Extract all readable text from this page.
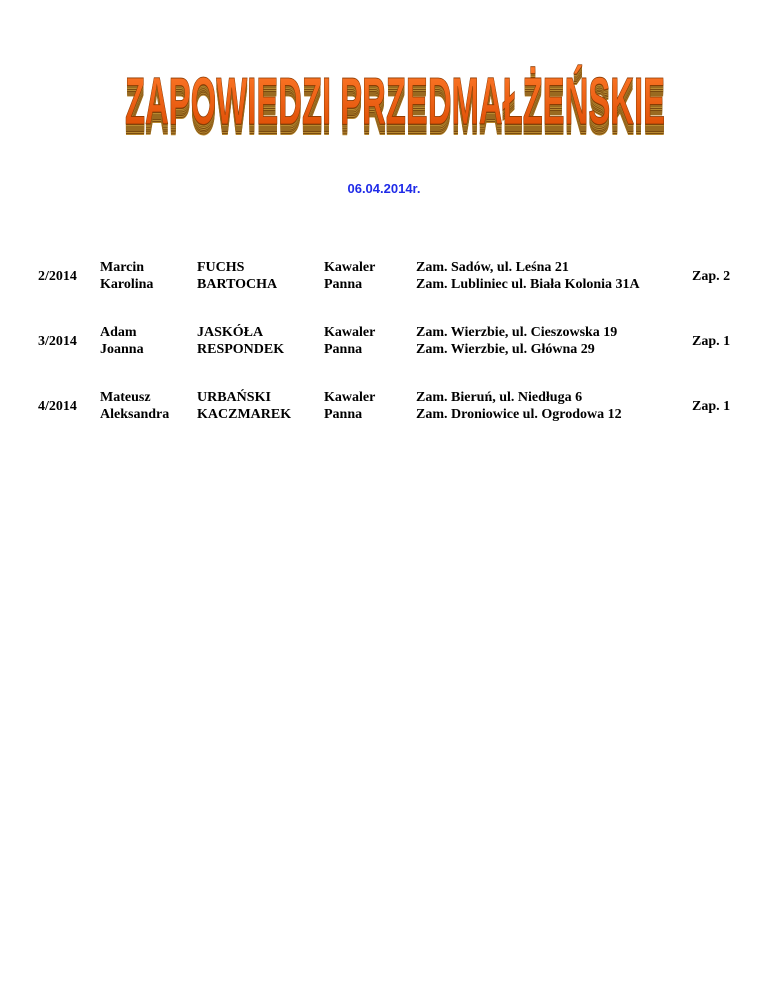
ZAPOWIEDZI PRZEDMAŁŻEŃSKIE
ZAPOWIEDZI PRZEDMAŁŻEŃSKIE
ZAPOWIEDZI PRZEDMAŁŻEŃSKIE
ZAPOWIEDZI PRZEDMAŁŻEŃSKIE
ZAPOWIEDZI PRZEDMAŁŻEŃSKIE
ZAPOWIEDZI PRZEDMAŁŻEŃSKIE
ZAPOWIEDZI PRZEDMAŁŻEŃSKIE
ZAPOWIEDZI PRZEDMAŁŻEŃSKIE
ZAPOWIEDZI PRZEDMAŁŻEŃSKIE
ZAPOWIEDZI PRZEDMAŁŻEŃSKIE
ZAPOWIEDZI PRZEDMAŁŻEŃSKIE
ZAPOWIEDZI PRZEDMAŁŻEŃSKIE
ZAPOWIEDZI PRZEDMAŁŻEŃSKIE
06.04.2014r.
2/2014
Marcin
Karolina
FUCHS
BARTOCHA
Kawaler
Panna
Zam. Sadów, ul. Leśna 21
Zam. Lubliniec ul. Biała Kolonia 31A
Zap. 2
3/2014
Adam
Joanna
JASKÓŁA
RESPONDEK
Kawaler
Panna
Zam. Wierzbie, ul. Cieszowska 19
Zam. Wierzbie, ul. Główna 29
Zap. 1
4/2014
Mateusz
Aleksandra
URBAŃSKI
KACZMAREK
Kawaler
Panna
Zam. Bieruń, ul. Niedługa 6
Zam. Droniowice ul. Ogrodowa 12
Zap. 1
